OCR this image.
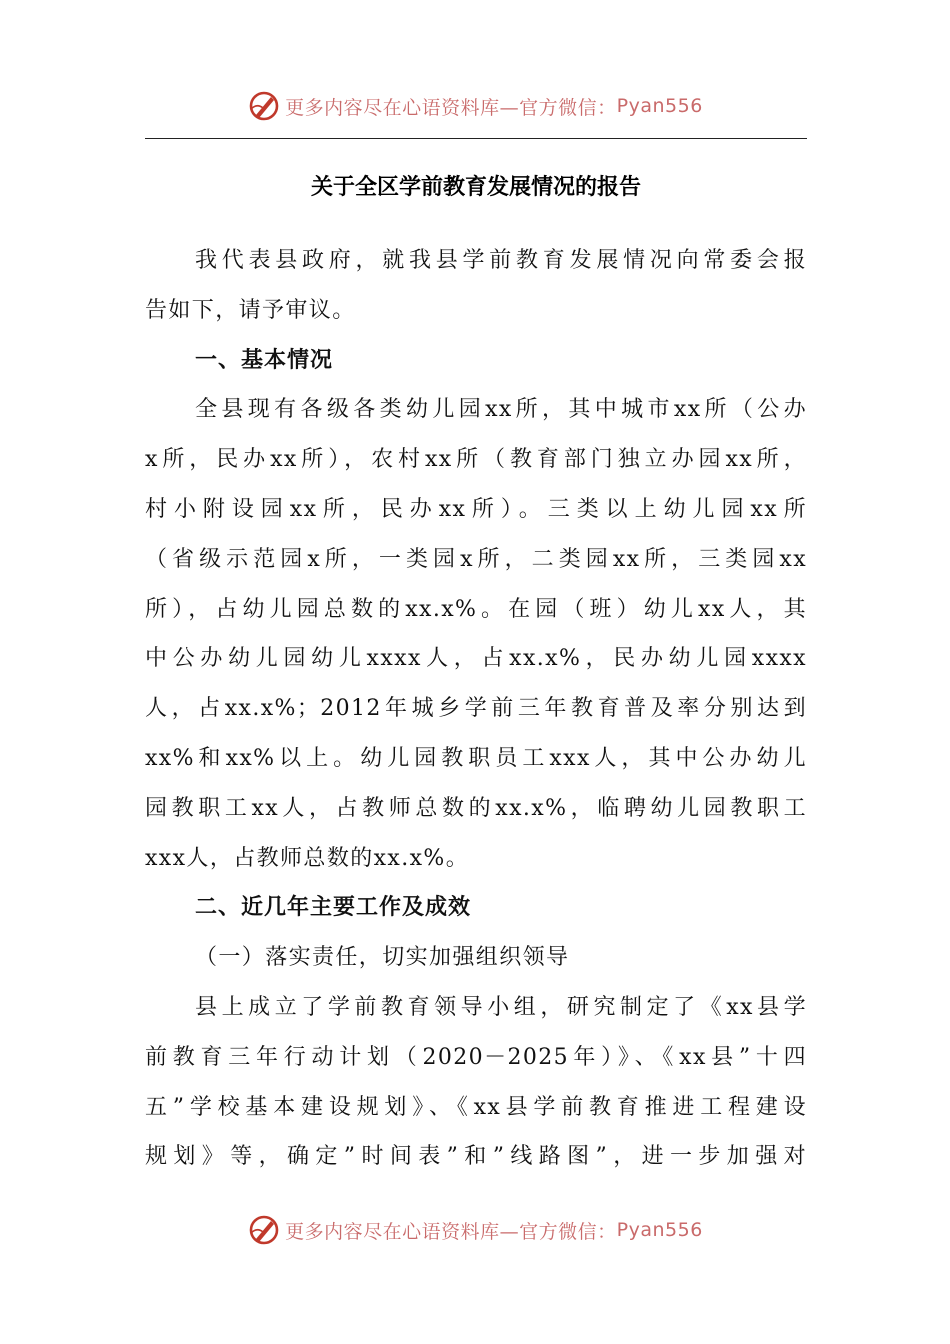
更多内容尽在心语资料库—官方微信： Pyan556
关于全区学前教育发展情况的报告

我代表县政府，就我县学前教育发展情况向常委会报
告如下，请予审议。

一、基本情况

全县现有各级各类幼儿园xx所，其中城市xx所（公办
x所，民办xx所），农村xx所（教育部门独立办园xx所，
村小附设园xx所，民办xx所）。三类以上幼儿园xx所
（省级示范园x所，一类园x所，二类园xx所，三类园xx
所），占幼儿园总数的xx.x%。在园（班）幼儿xx人，其
中公办幼儿园幼儿xxxx人，占xx.x%，民办幼儿园xxxx
人，占xx.x%；2012年城乡学前三年教育普及率分别达到
xx%和xx%以上。幼儿园教职员工xxx人，其中公办幼儿
园教职工xx人，占教师总数的xx.x%，临聘幼儿园教职工
xxx人，占教师总数的xx.x%。

二、近几年主要工作及成效

（一）落实责任，切实加强组织领导

县上成立了学前教育领导小组，研究制定了《xx县学
前教育三年行动计划（2020－2025年）》、《xx县”十四
五”学校基本建设规划》、《xx县学前教育推进工程建设
规划》等，确定”时间表”和”线路图”，进一步加强对

更多内容尽在心语资料库—官方微信： Pyan556
